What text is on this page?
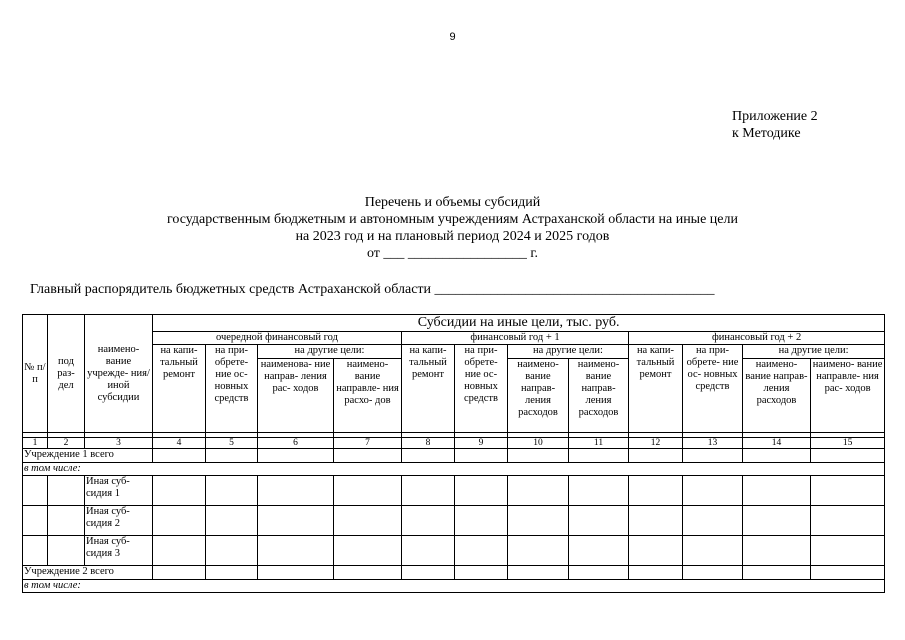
9
Приложение 2
к Методике
Перечень и объемы субсидий
государственным бюджетным и автономным учреждениям Астраханской области на иные цели
на 2023 год и на плановый период 2024 и 2025 годов
от ___ _________________ г.
Главный распорядитель бюджетных средств Астраханской области ________________________________________
№ п/п	под раз- дел	наимено- вание учрежде- ния/иной субсидии	Субсидии на иные цели, тыс. руб.											
			очередной финансовый год				финансовый год + 1				финансовый год + 2			
			на капи- тальный ремонт	на при- обрете- ние ос- новных средств	на другие цели:		на капи- тальный ремонт	на при- обрете- ние ос- новных средств	на другие цели:		на капи- тальный ремонт	на при- обрете- ние ос- новных средств	на другие цели:	
					наименова- ние направ- ления рас- ходов	наимено- вание направле- ния расхо- дов			наимено- вание направ- ления расходов	наимено- вание направ- ления расходов			наимено- вание направ- ления расходов	наимено- вание направле- ния рас- ходов

1	2	3	4	5	6	7	8	9	10	11	12	13	14	15
Учреждение 1 всего														
в том числе:														
		Иная суб- сидия 1												
		Иная суб- сидия 2												
		Иная суб- сидия 3												
Учреждение 2 всего														
в том числе:														
